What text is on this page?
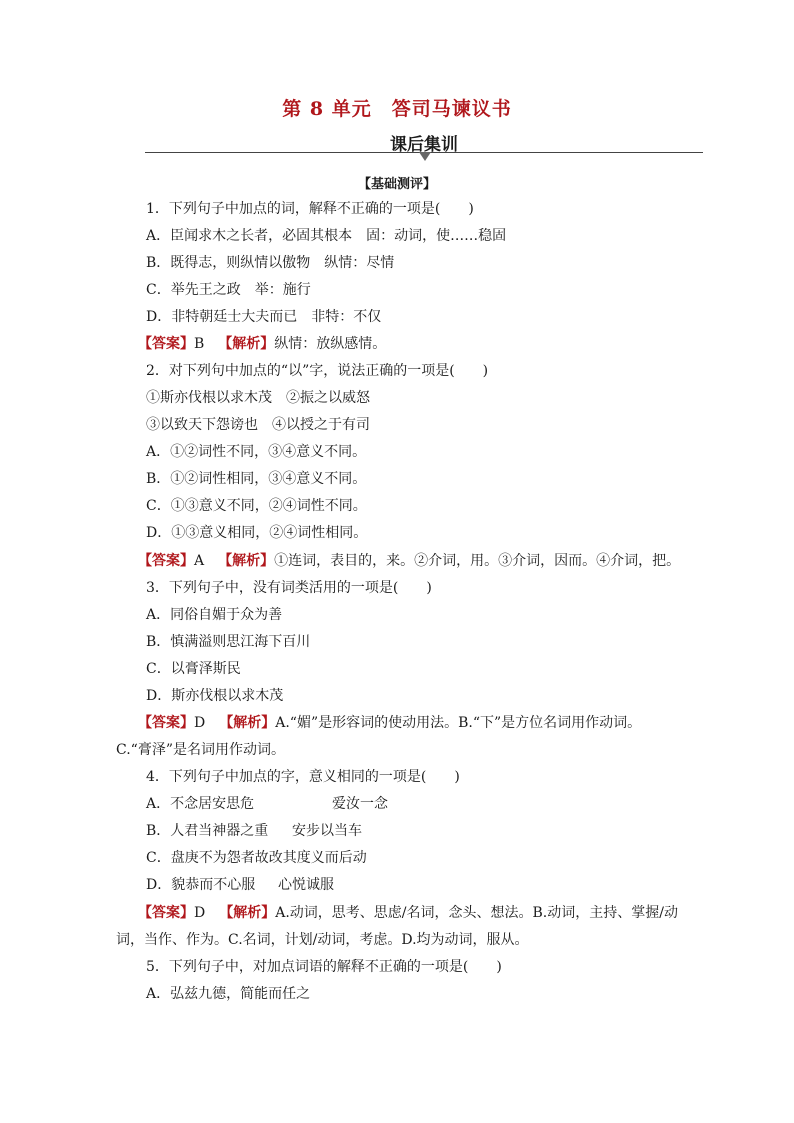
第 8 单元　答司马谏议书
课后集训
【基础测评】
1．下列句子中加点的词，解释不正确的一项是(　　)
A．臣闻求木之长者，必固其根本　固：动词，使……稳固
B．既得志，则纵情以傲物　纵情：尽情
C．举先王之政　举：施行
D．非特朝廷士大夫而已　非特：不仅
【答案】B 【解析】纵情：放纵感情。
2．对下列句中加点的“以”字，说法正确的一项是(　　)
①斯亦伐根以求木茂　②振之以威怒
③以致天下怨谤也　④以授之于有司
A．①②词性不同，③④意义不同。
B．①②词性相同，③④意义不同。
C．①③意义不同，②④词性不同。
D．①③意义相同，②④词性相同。
【答案】A 【解析】①连词，表目的，来。②介词，用。③介词，因而。④介词，把。
3．下列句子中，没有词类活用的一项是(　　)
A．同俗自媚于众为善
B．慎满溢则思江海下百川
C．以膏泽斯民
D．斯亦伐根以求木茂
【答案】D 【解析】A.“媚”是形容词的使动用法。B.“下”是方位名词用作动词。
C.“膏泽”是名词用作动词。
4．下列句子中加点的字，意义相同的一项是(　　)
A．不念居安思危	爱汝一念
B．人君当神器之重 安步以当车
C．盘庚不为怨者故改其度义而后动
D．貌恭而不心服 心悦诚服
【答案】D 【解析】A.动词，思考、思虑/名词，念头、想法。B.动词，主持、掌握/动
词，当作、作为。C.名词，计划/动词，考虑。D.均为动词，服从。
5．下列句子中，对加点词语的解释不正确的一项是(　　)
A．弘兹九德，简能而任之
